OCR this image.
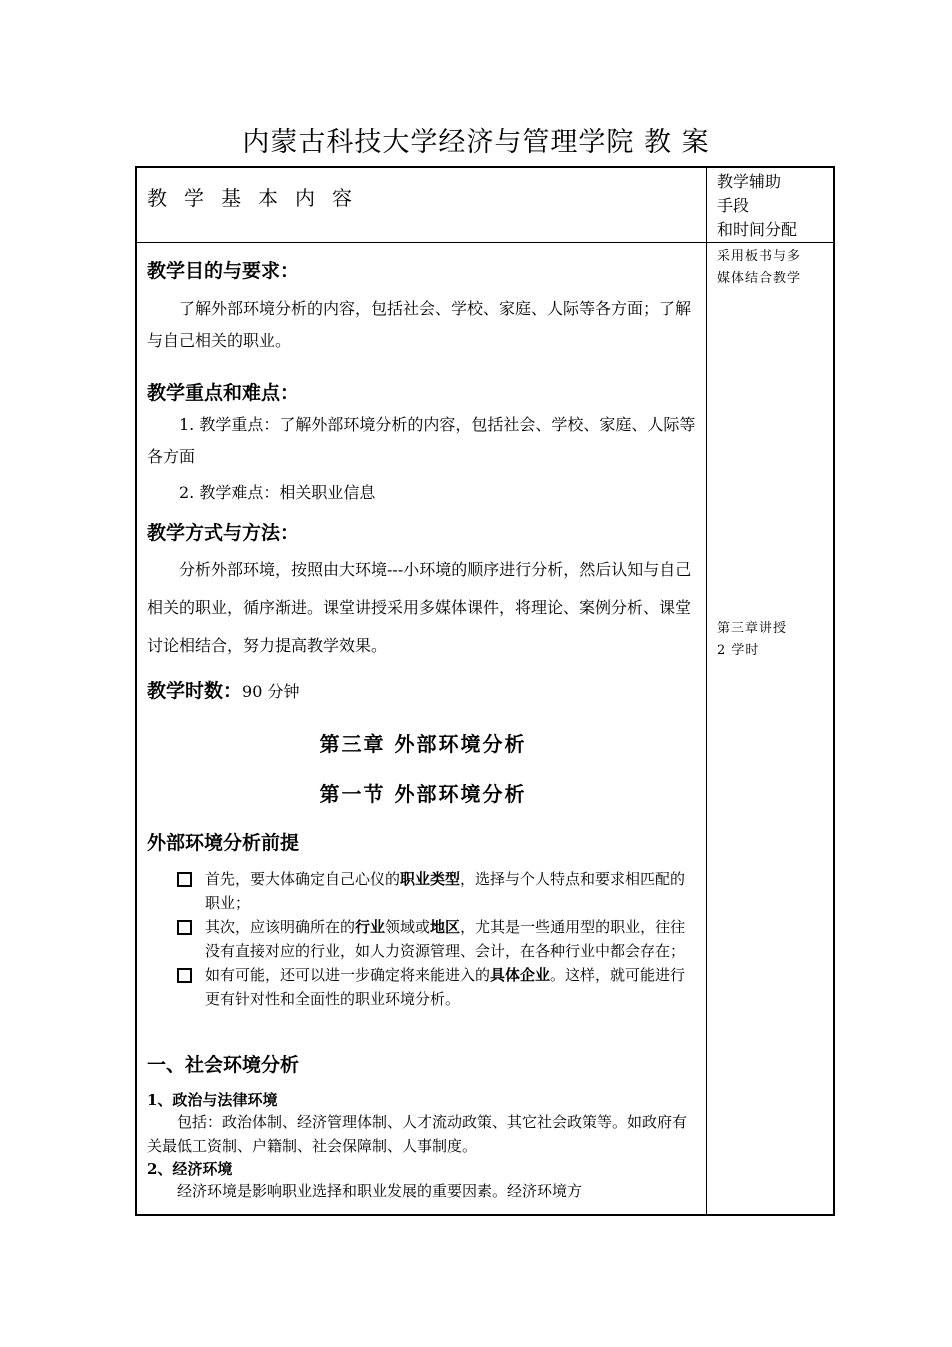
内蒙古科技大学经济与管理学院 教 案
教学基本内容
教学辅助
手段
和时间分配
采用板书与多
媒体结合教学
第三章讲授
2 学时
教学目的与要求：
了解外部环境分析的内容，包括社会、学校、家庭、人际等各方面；了解与自己相关的职业。
教学重点和难点：
1. 教学重点：了解外部环境分析的内容，包括社会、学校、家庭、人际等各方面
2. 教学难点：相关职业信息
教学方式与方法：
分析外部环境，按照由大环境---小环境的顺序进行分析，然后认知与自己相关的职业，循序渐进。课堂讲授采用多媒体课件，将理论、案例分析、课堂讨论相结合，努力提高教学效果。
教学时数：90 分钟
第三章 外部环境分析
第一节 外部环境分析
外部环境分析前提
首先，要大体确定自己心仪的职业类型，选择与个人特点和要求相匹配的职业；
其次，应该明确所在的行业领域或地区，尤其是一些通用型的职业，往往没有直接对应的行业，如人力资源管理、会计，在各种行业中都会存在；
如有可能，还可以进一步确定将来能进入的具体企业。这样，就可能进行更有针对性和全面性的职业环境分析。
一、社会环境分析
1、政治与法律环境
包括：政治体制、经济管理体制、人才流动政策、其它社会政策等。如政府有关最低工资制、户籍制、社会保障制、人事制度。
2、经济环境
经济环境是影响职业选择和职业发展的重要因素。经济环境方
